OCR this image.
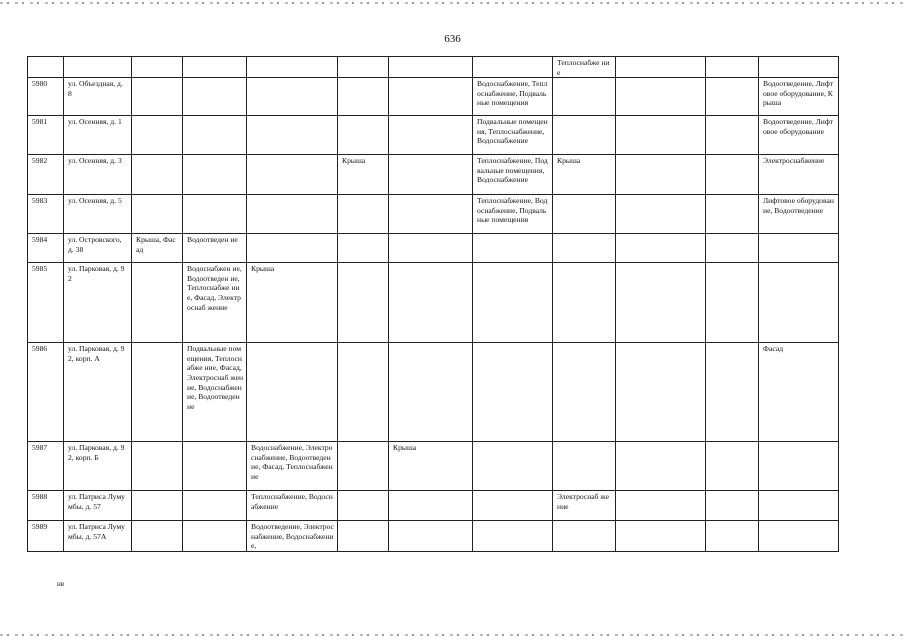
636
								Теплоснабже ние			
5980	ул. Объездная, д. 8						Водоснабжение, Теплоснабжение, Подвальные помещения				Водоотведение, Лифтовое оборудование, Крыша
5981	ул. Осенняя, д. 1						Подвальные помещения, Теплоснабжение, Водоснабжение				Водоотведение, Лифтовое оборудование
5982	ул. Осенняя, д. 3				Крыша		Теплоснабжение, Подвальные помещения, Водоснабжение	Крыша			Электроснабжение
5983	ул. Осенняя, д. 5						Теплоснабжение, Водоснабжение, Подвальные помещения				Лифтовое оборудование, Водоотведение
5984	ул. Островского, д. 38	Крыша, Фасад	Водоотведен ие								
5985	ул. Парковая, д. 92		Водоснабжен ие, Водоотведен ие, Теплоснабже ние, Фасад, Электроснаб жение	Крыша							
5986	ул. Парковая, д. 92, корп. А		Подвальные помещения, Теплоснабже ние, Фасад, Электроснаб жение, Водоснабжен ие, Водоотведен ие								Фасад
5987	ул. Парковая, д. 92, корп. Б			Водоснабжение, Электроснабжение, Водоотведение, Фасад, Теплоснабжение		Крыша					
5988	ул. Патриса Лумумбы, д. 57			Теплоснабжение, Водоснабжение				Электроснаб жение			
5989	ул. Патриса Лумумбы, д. 57А			Водоотведение, Электроснабжение, Водоснабжение,							
нв
